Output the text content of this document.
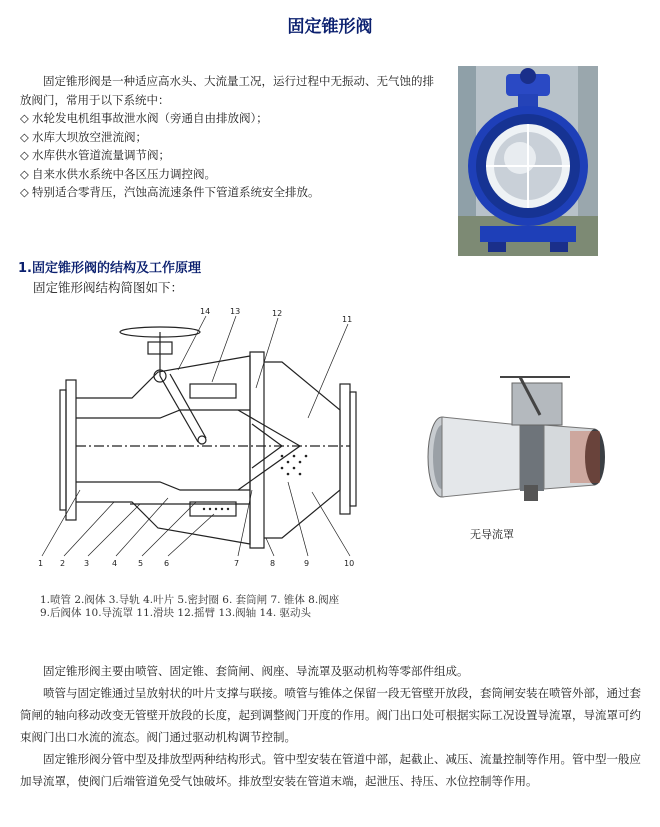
固定锥形阀

固定锥形阀是一种适应高水头、大流量工况，运行过程中无振动、无气蚀的排放阀门，常用于以下系统中：

◇ 水轮发电机组事故泄水阀（旁通自由排放阀）；
◇ 水库大坝放空泄流阀；
◇ 水库供水管道流量调节阀；
◇ 自来水供水系统中各区压力调控阀。
◇ 特别适合零背压，汽蚀高流速条件下管道系统安全排放。
1.固定锥形阀的结构及工作原理
固定锥形阀结构简图如下：
14 13	12
11
1 2 3	4	5	6	7	8	9	10
1.喷管 2.阀体 3.导轨 4.叶片 5.密封圈 6. 套筒闸 7. 锥体 8.阀座
9.后阀体 10.导流罩 11.滑块 12.摇臂 13.阀轴 14. 驱动头
无导流罩

固定锥形阀主要由喷管、固定锥、套筒闸、阀座、导流罩及驱动机构等零部件组成。

喷管与固定锥通过呈放射状的叶片支撑与联接。喷管与锥体之保留一段无管壁开放段，套筒闸安装在喷管外部，通过套筒闸的轴向移动改变无管壁开放段的长度，起到调整阀门开度的作用。阀门出口处可根据实际工况设置导流罩，导流罩可约束阀门出口水流的流态。阀门通过驱动机构调节控制。

固定锥形阀分管中型及排放型两种结构形式。管中型安装在管道中部，起截止、减压、流量控制等作用。管中型一般应加导流罩，使阀门后端管道免受气蚀破坏。排放型安装在管道末端，起泄压、持压、水位控制等作用。
